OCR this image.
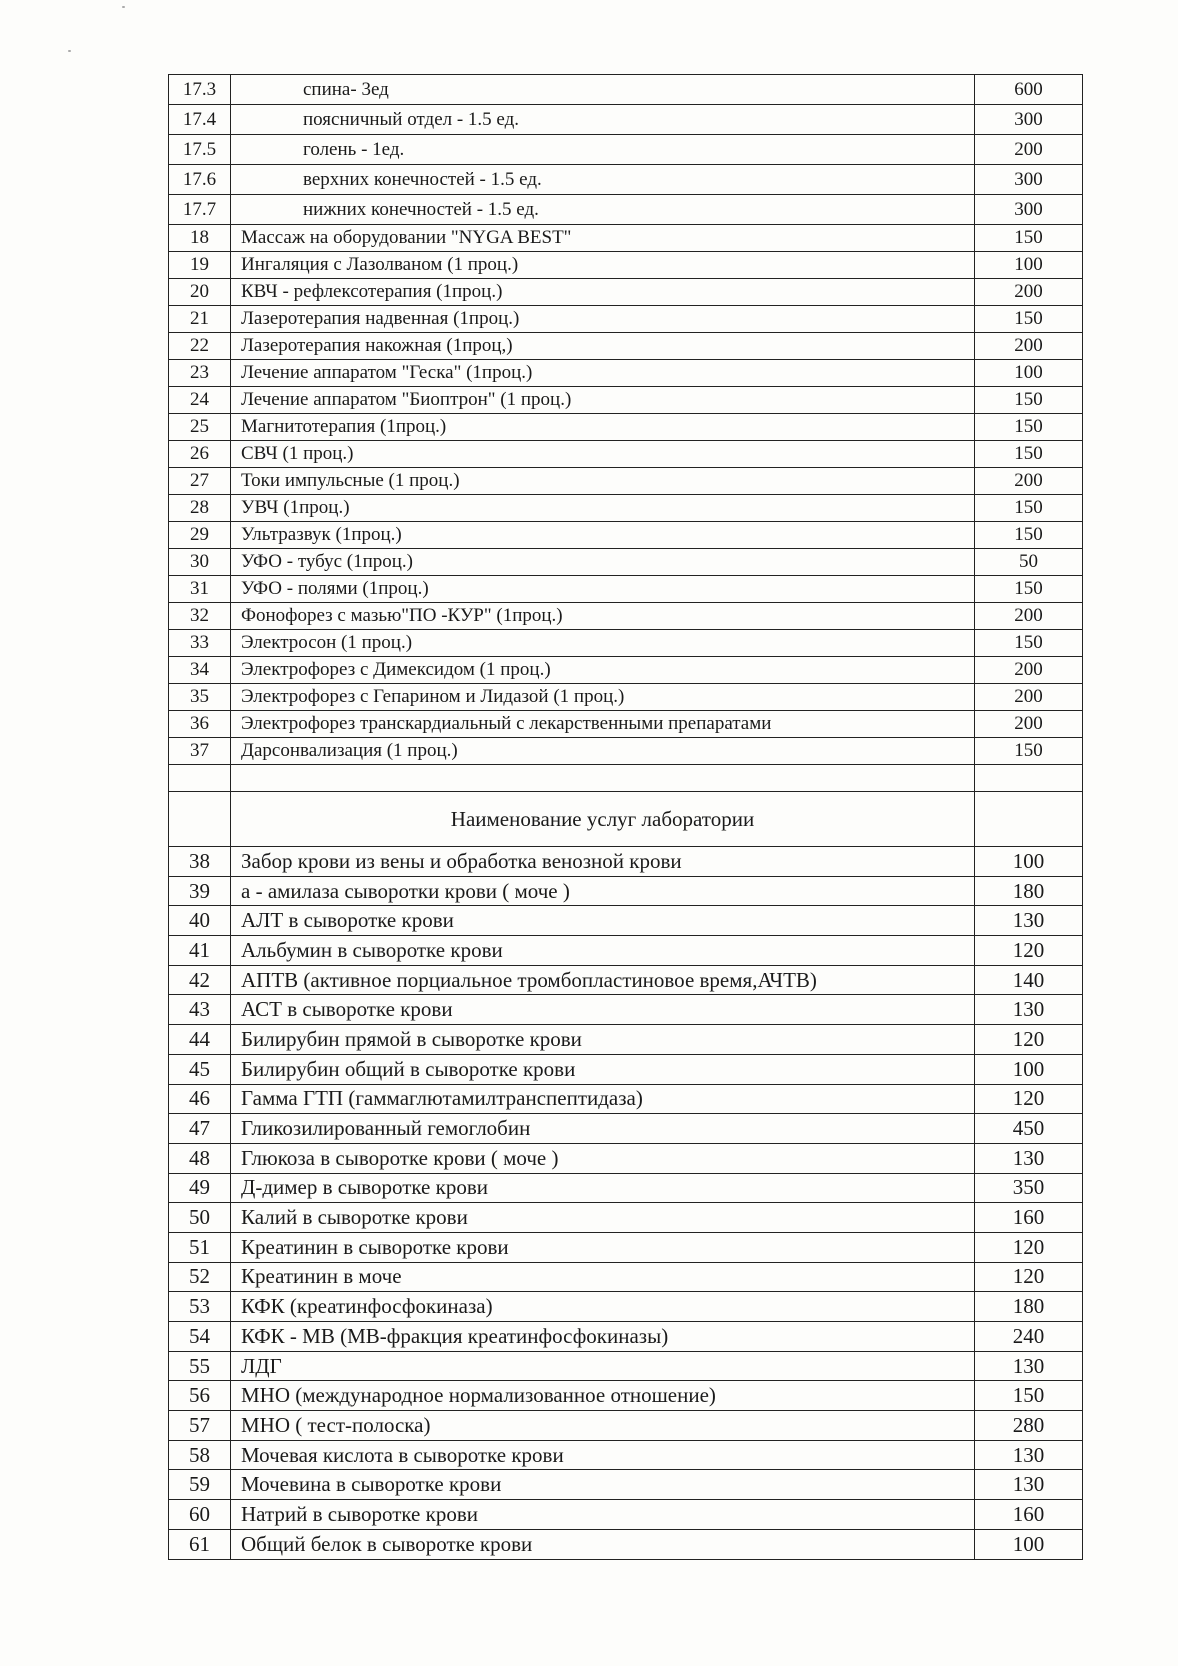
17.3	спина- 3ед	600
17.4	поясничный отдел - 1.5 ед.	300
17.5	голень - 1ед.	200
17.6	верхних конечностей - 1.5 ед.	300
17.7	нижних конечностей - 1.5 ед.	300
18	Массаж на оборудовании "NYGA BEST"	150
19	Ингаляция с Лазолваном (1 проц.)	100
20	КВЧ - рефлексотерапия (1проц.)	200
21	Лазеротерапия надвенная (1проц.)	150
22	Лазеротерапия накожная (1проц,)	200
23	Лечение аппаратом "Геска" (1проц.)	100
24	Лечение аппаратом "Биоптрон" (1 проц.)	150
25	Магнитотерапия (1проц.)	150
26	СВЧ (1 проц.)	150
27	Токи импульсные (1 проц.)	200
28	УВЧ (1проц.)	150
29	Ультразвук (1проц.)	150
30	УФО - тубус (1проц.)	50
31	УФО - полями (1проц.)	150
32	Фонофорез с мазью"ПО -КУР" (1проц.)	200
33	Электросон (1 проц.)	150
34	Электрофорез с Димексидом (1 проц.)	200
35	Электрофорез с Гепарином и Лидазой (1 проц.)	200
36	Электрофорез транскардиальный с лекарственными препаратами	200
37	Дарсонвализация (1 проц.)	150

	Наименование услуг лаборатории	
38	Забор крови из вены и обработка венозной крови	100
39	а - амилаза сыворотки крови ( моче )	180
40	АЛТ в сыворотке крови	130
41	Альбумин в сыворотке крови	120
42	АПТВ (активное порциальное тромбопластиновое время,АЧТВ)	140
43	АСТ в сыворотке крови	130
44	Билирубин прямой в сыворотке крови	120
45	Билирубин общий в сыворотке крови	100
46	Гамма ГТП (гаммаглютамилтранспептидаза)	120
47	Гликозилированный гемоглобин	450
48	Глюкоза в сыворотке крови ( моче )	130
49	Д-димер в сыворотке крови	350
50	Калий в сыворотке крови	160
51	Креатинин в сыворотке крови	120
52	Креатинин в моче	120
53	КФК (креатинфосфокиназа)	180
54	КФК - МВ (МВ-фракция креатинфосфокиназы)	240
55	ЛДГ	130
56	МНО (международное нормализованное отношение)	150
57	МНО ( тест-полоска)	280
58	Мочевая кислота в сыворотке крови	130
59	Мочевина в сыворотке крови	130
60	Натрий в сыворотке крови	160
61	Общий белок в сыворотке крови	100
